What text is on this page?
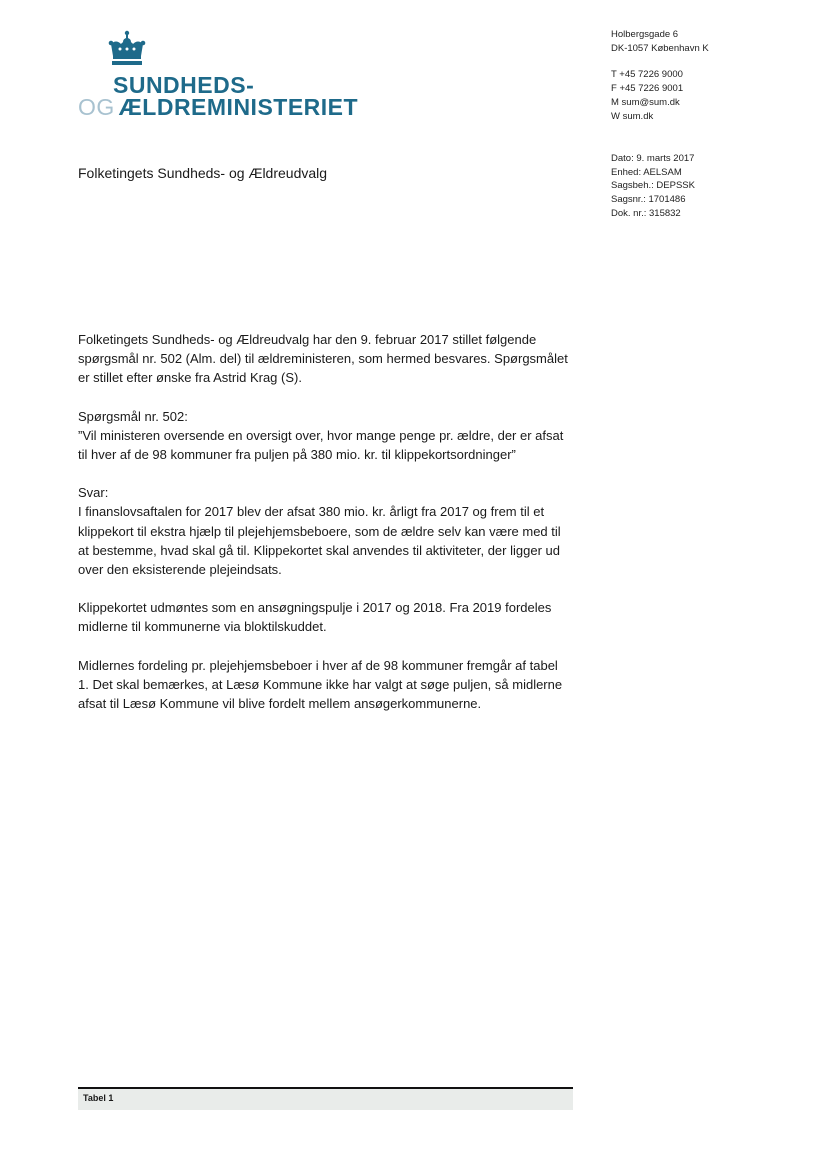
SUNDHEDS-
OG ÆLDREMINISTERIET
Holbergsgade 6
DK-1057 København K
T +45 7226 9000
F +45 7226 9001
M sum@sum.dk
W sum.dk
Dato: 9. marts 2017
Enhed: AELSAM
Sagsbeh.: DEPSSK
Sagsnr.: 1701486
Dok. nr.: 315832
Folketingets Sundheds- og Ældreudvalg

Folketingets Sundheds- og Ældreudvalg har den 9. februar 2017 stillet følgende spørgsmål nr. 502 (Alm. del) til ældreministeren, som hermed besvares. Spørgsmålet er stillet efter ønske fra Astrid Krag (S).

Spørgsmål nr. 502:
”Vil ministeren oversende en oversigt over, hvor mange penge pr. ældre, der er afsat til hver af de 98 kommuner fra puljen på 380 mio. kr. til klippekortsordninger”

Svar:
I finanslovsaftalen for 2017 blev der afsat 380 mio. kr. årligt fra 2017 og frem til et klippekort til ekstra hjælp til plejehjemsbeboere, som de ældre selv kan være med til at bestemme, hvad skal gå til. Klippekortet skal anvendes til aktiviteter, der ligger ud over den eksisterende plejeindsats.

Klippekortet udmøntes som en ansøgningspulje i 2017 og 2018. Fra 2019 fordeles midlerne til kommunerne via bloktilskuddet.

Midlernes fordeling pr. plejehjemsbeboer i hver af de 98 kommuner fremgår af tabel 1. Det skal bemærkes, at Læsø Kommune ikke har valgt at søge puljen, så midlerne afsat til Læsø Kommune vil blive fordelt mellem ansøgerkommunerne.

Tabel 1
